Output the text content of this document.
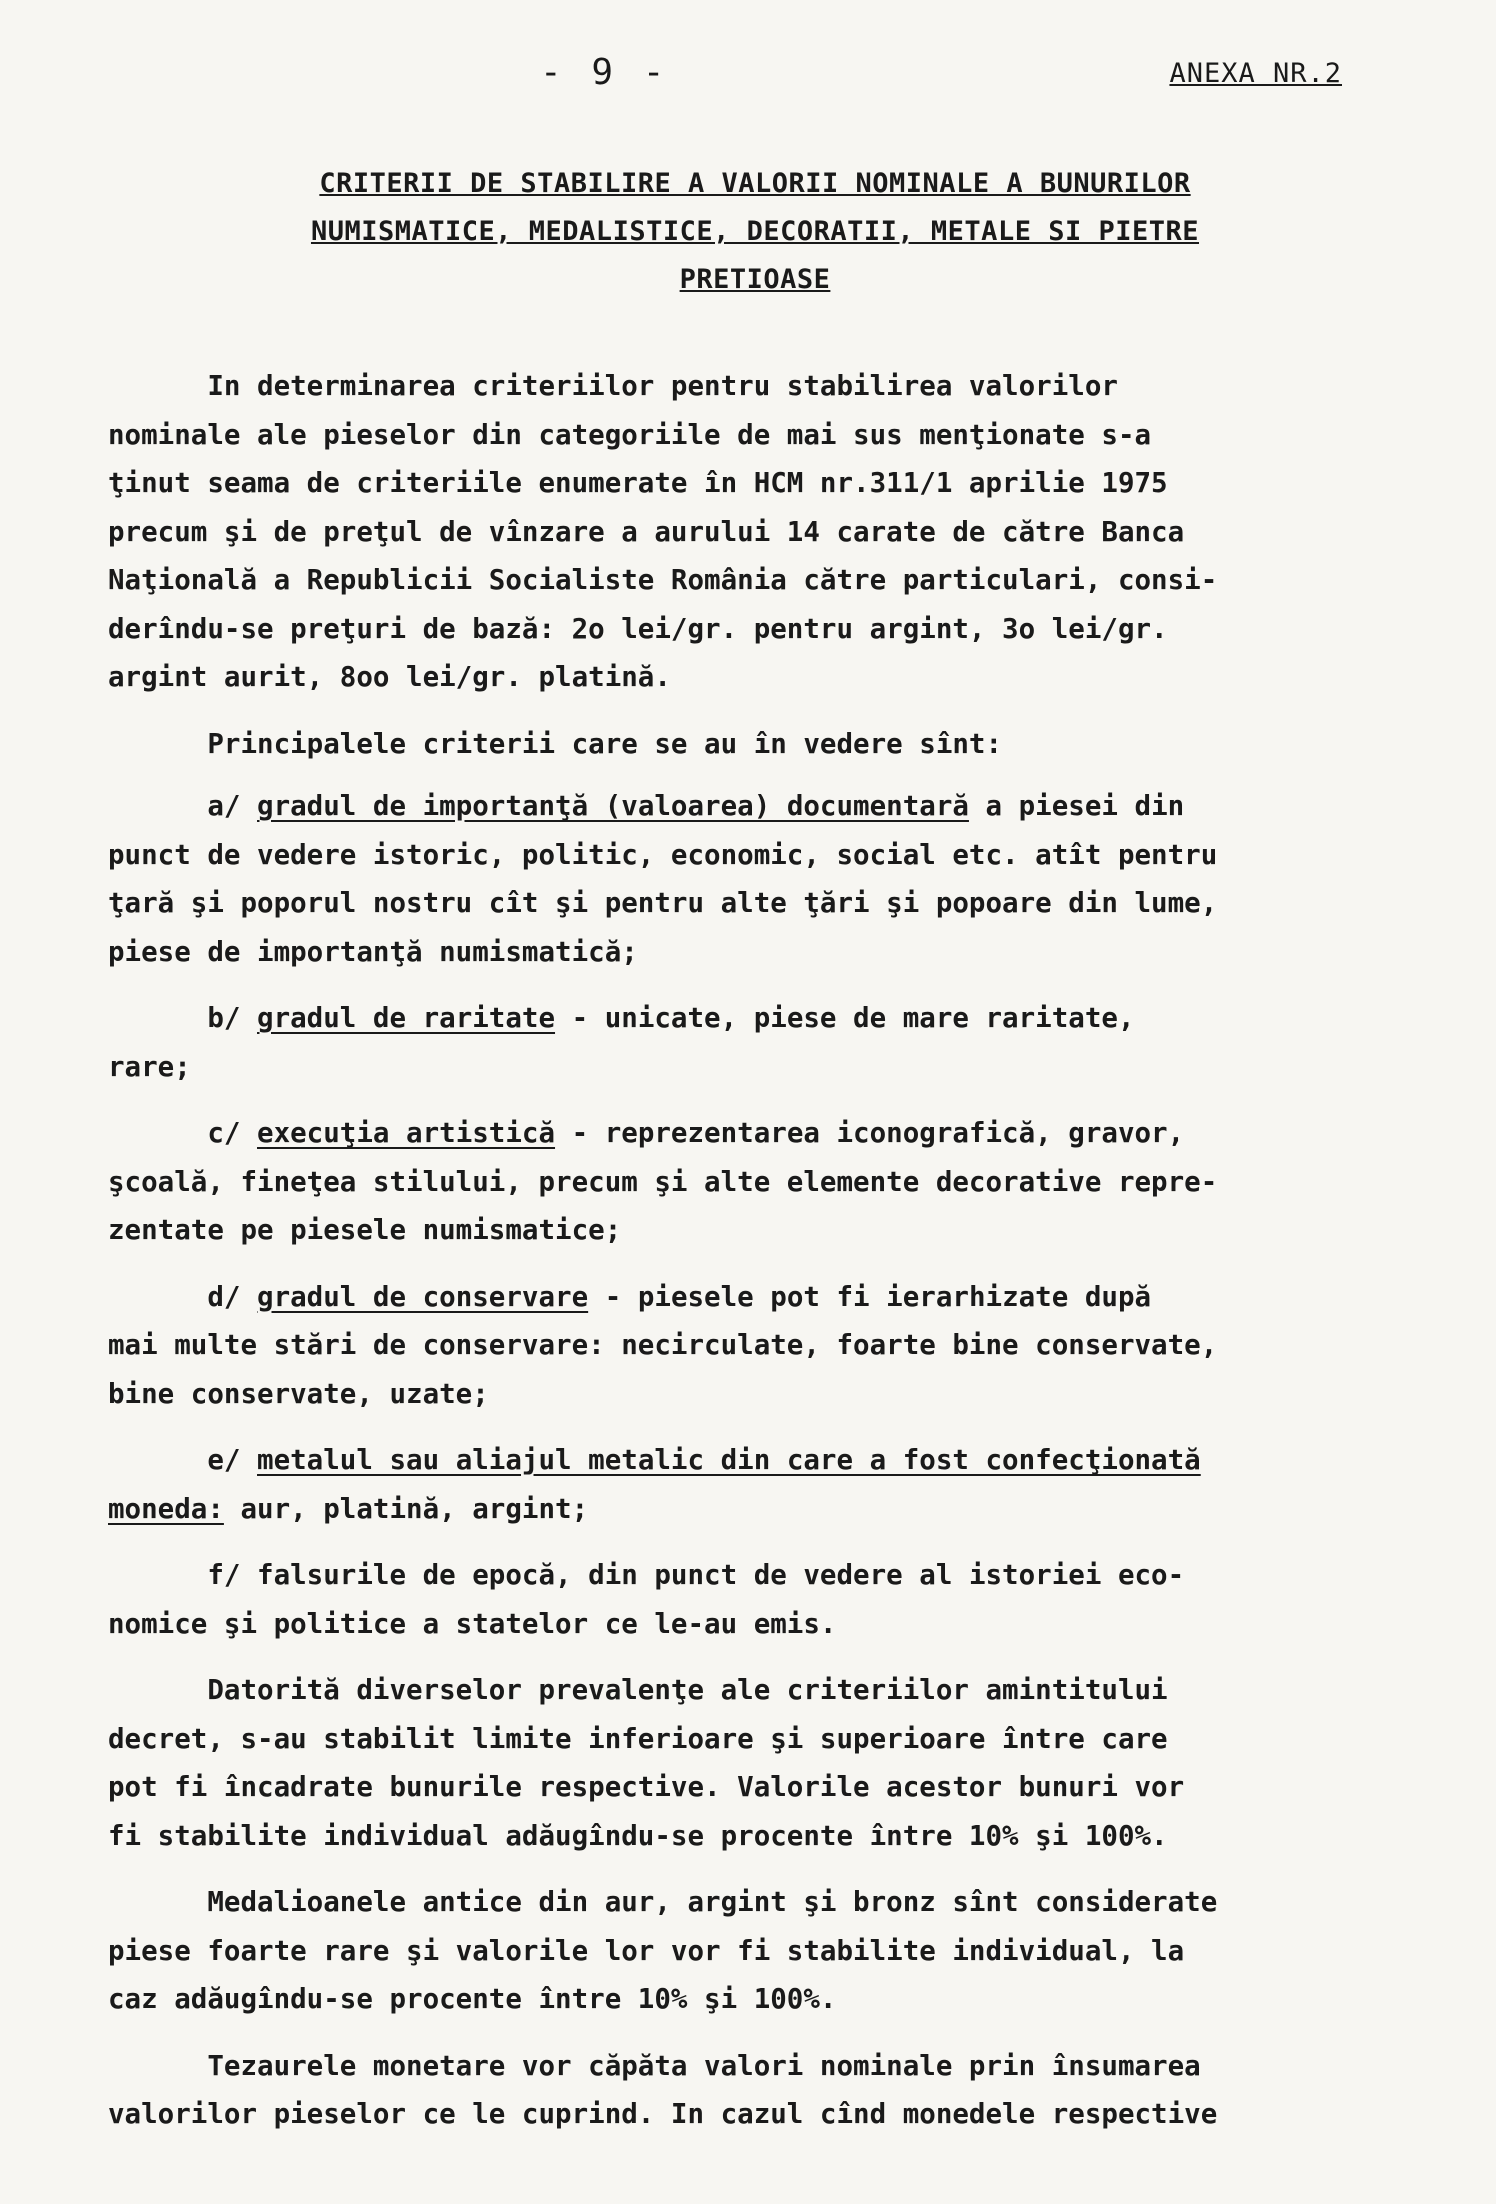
- 9 -	ANEXA NR.2
CRITERII DE STABILIRE A VALORII NOMINALE A BUNURILOR
NUMISMATICE, MEDALISTICE, DECORATII, METALE SI PIETRE
PRETIOASE
In determinarea criteriilor pentru stabilirea valorilor
nominale ale pieselor din categoriile de mai sus menţionate s-a
ţinut seama de criteriile enumerate în HCM nr.311/1 aprilie 1975
precum şi de preţul de vînzare a aurului 14 carate de către Banca
Naţională a Republicii Socialiste România către particulari, consi-
derîndu-se preţuri de bază: 2o lei/gr. pentru argint, 3o lei/gr.
argint aurit, 8oo lei/gr. platină.
Principalele criterii care se au în vedere sînt:
a/ gradul de importanţă (valoarea) documentară a piesei din
punct de vedere istoric, politic, economic, social etc. atît pentru
ţară şi poporul nostru cît şi pentru alte ţări şi popoare din lume,
piese de importanţă numismatică;
b/ gradul de raritate - unicate, piese de mare raritate,
rare;
c/ execuţia artistică - reprezentarea iconografică, gravor,
şcoală, fineţea stilului, precum şi alte elemente decorative repre-
zentate pe piesele numismatice;
d/ gradul de conservare - piesele pot fi ierarhizate după
mai multe stări de conservare: necirculate, foarte bine conservate,
bine conservate, uzate;
e/ metalul sau aliajul metalic din care a fost confecţionată
moneda: aur, platină, argint;
f/ falsurile de epocă, din punct de vedere al istoriei eco-
nomice şi politice a statelor ce le-au emis.
Datorită diverselor prevalenţe ale criteriilor amintitului
decret, s-au stabilit limite inferioare şi superioare între care
pot fi încadrate bunurile respective. Valorile acestor bunuri vor
fi stabilite individual adăugîndu-se procente între 10% şi 100%.
Medalioanele antice din aur, argint şi bronz sînt considerate
piese foarte rare şi valorile lor vor fi stabilite individual, la
caz adăugîndu-se procente între 10% şi 100%.
Tezaurele monetare vor căpăta valori nominale prin însumarea
valorilor pieselor ce le cuprind. In cazul cînd monedele respective
